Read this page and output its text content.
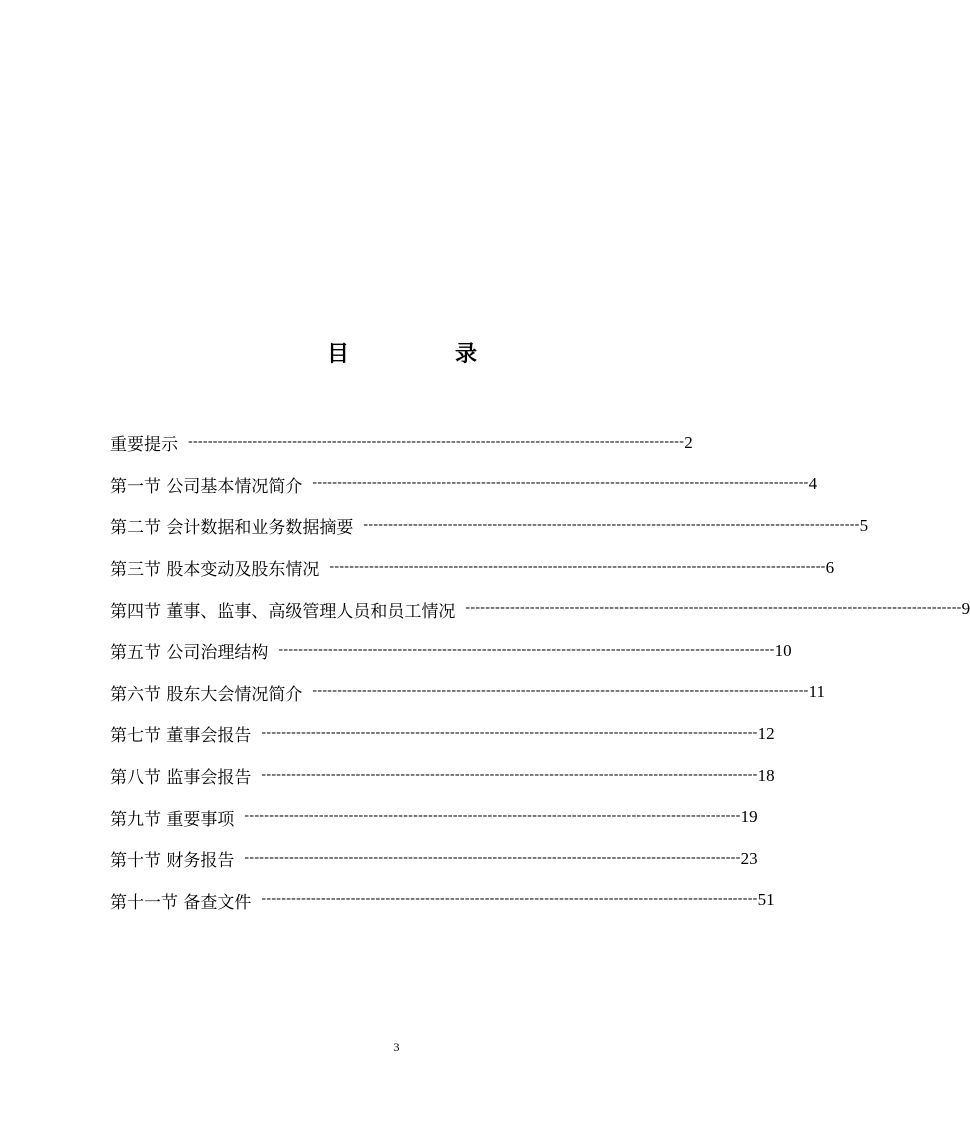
目	录
重要提示 ---------------------------------------------------------------------------------------------------- 2
第一节 公司基本情况简介 ---------------------------------------------------------------------------------------------------- 4
第二节 会计数据和业务数据摘要 ---------------------------------------------------------------------------------------------------- 5
第三节 股本变动及股东情况 ---------------------------------------------------------------------------------------------------- 6
第四节 董事、监事、高级管理人员和员工情况 ---------------------------------------------------------------------------------------------------- 9
第五节 公司治理结构 ---------------------------------------------------------------------------------------------------- 10
第六节 股东大会情况简介 ---------------------------------------------------------------------------------------------------- 11
第七节 董事会报告 ---------------------------------------------------------------------------------------------------- 12
第八节 监事会报告 ---------------------------------------------------------------------------------------------------- 18
第九节 重要事项 ---------------------------------------------------------------------------------------------------- 19
第十节 财务报告 ---------------------------------------------------------------------------------------------------- 23
第十一节 备查文件 ---------------------------------------------------------------------------------------------------- 51
3
